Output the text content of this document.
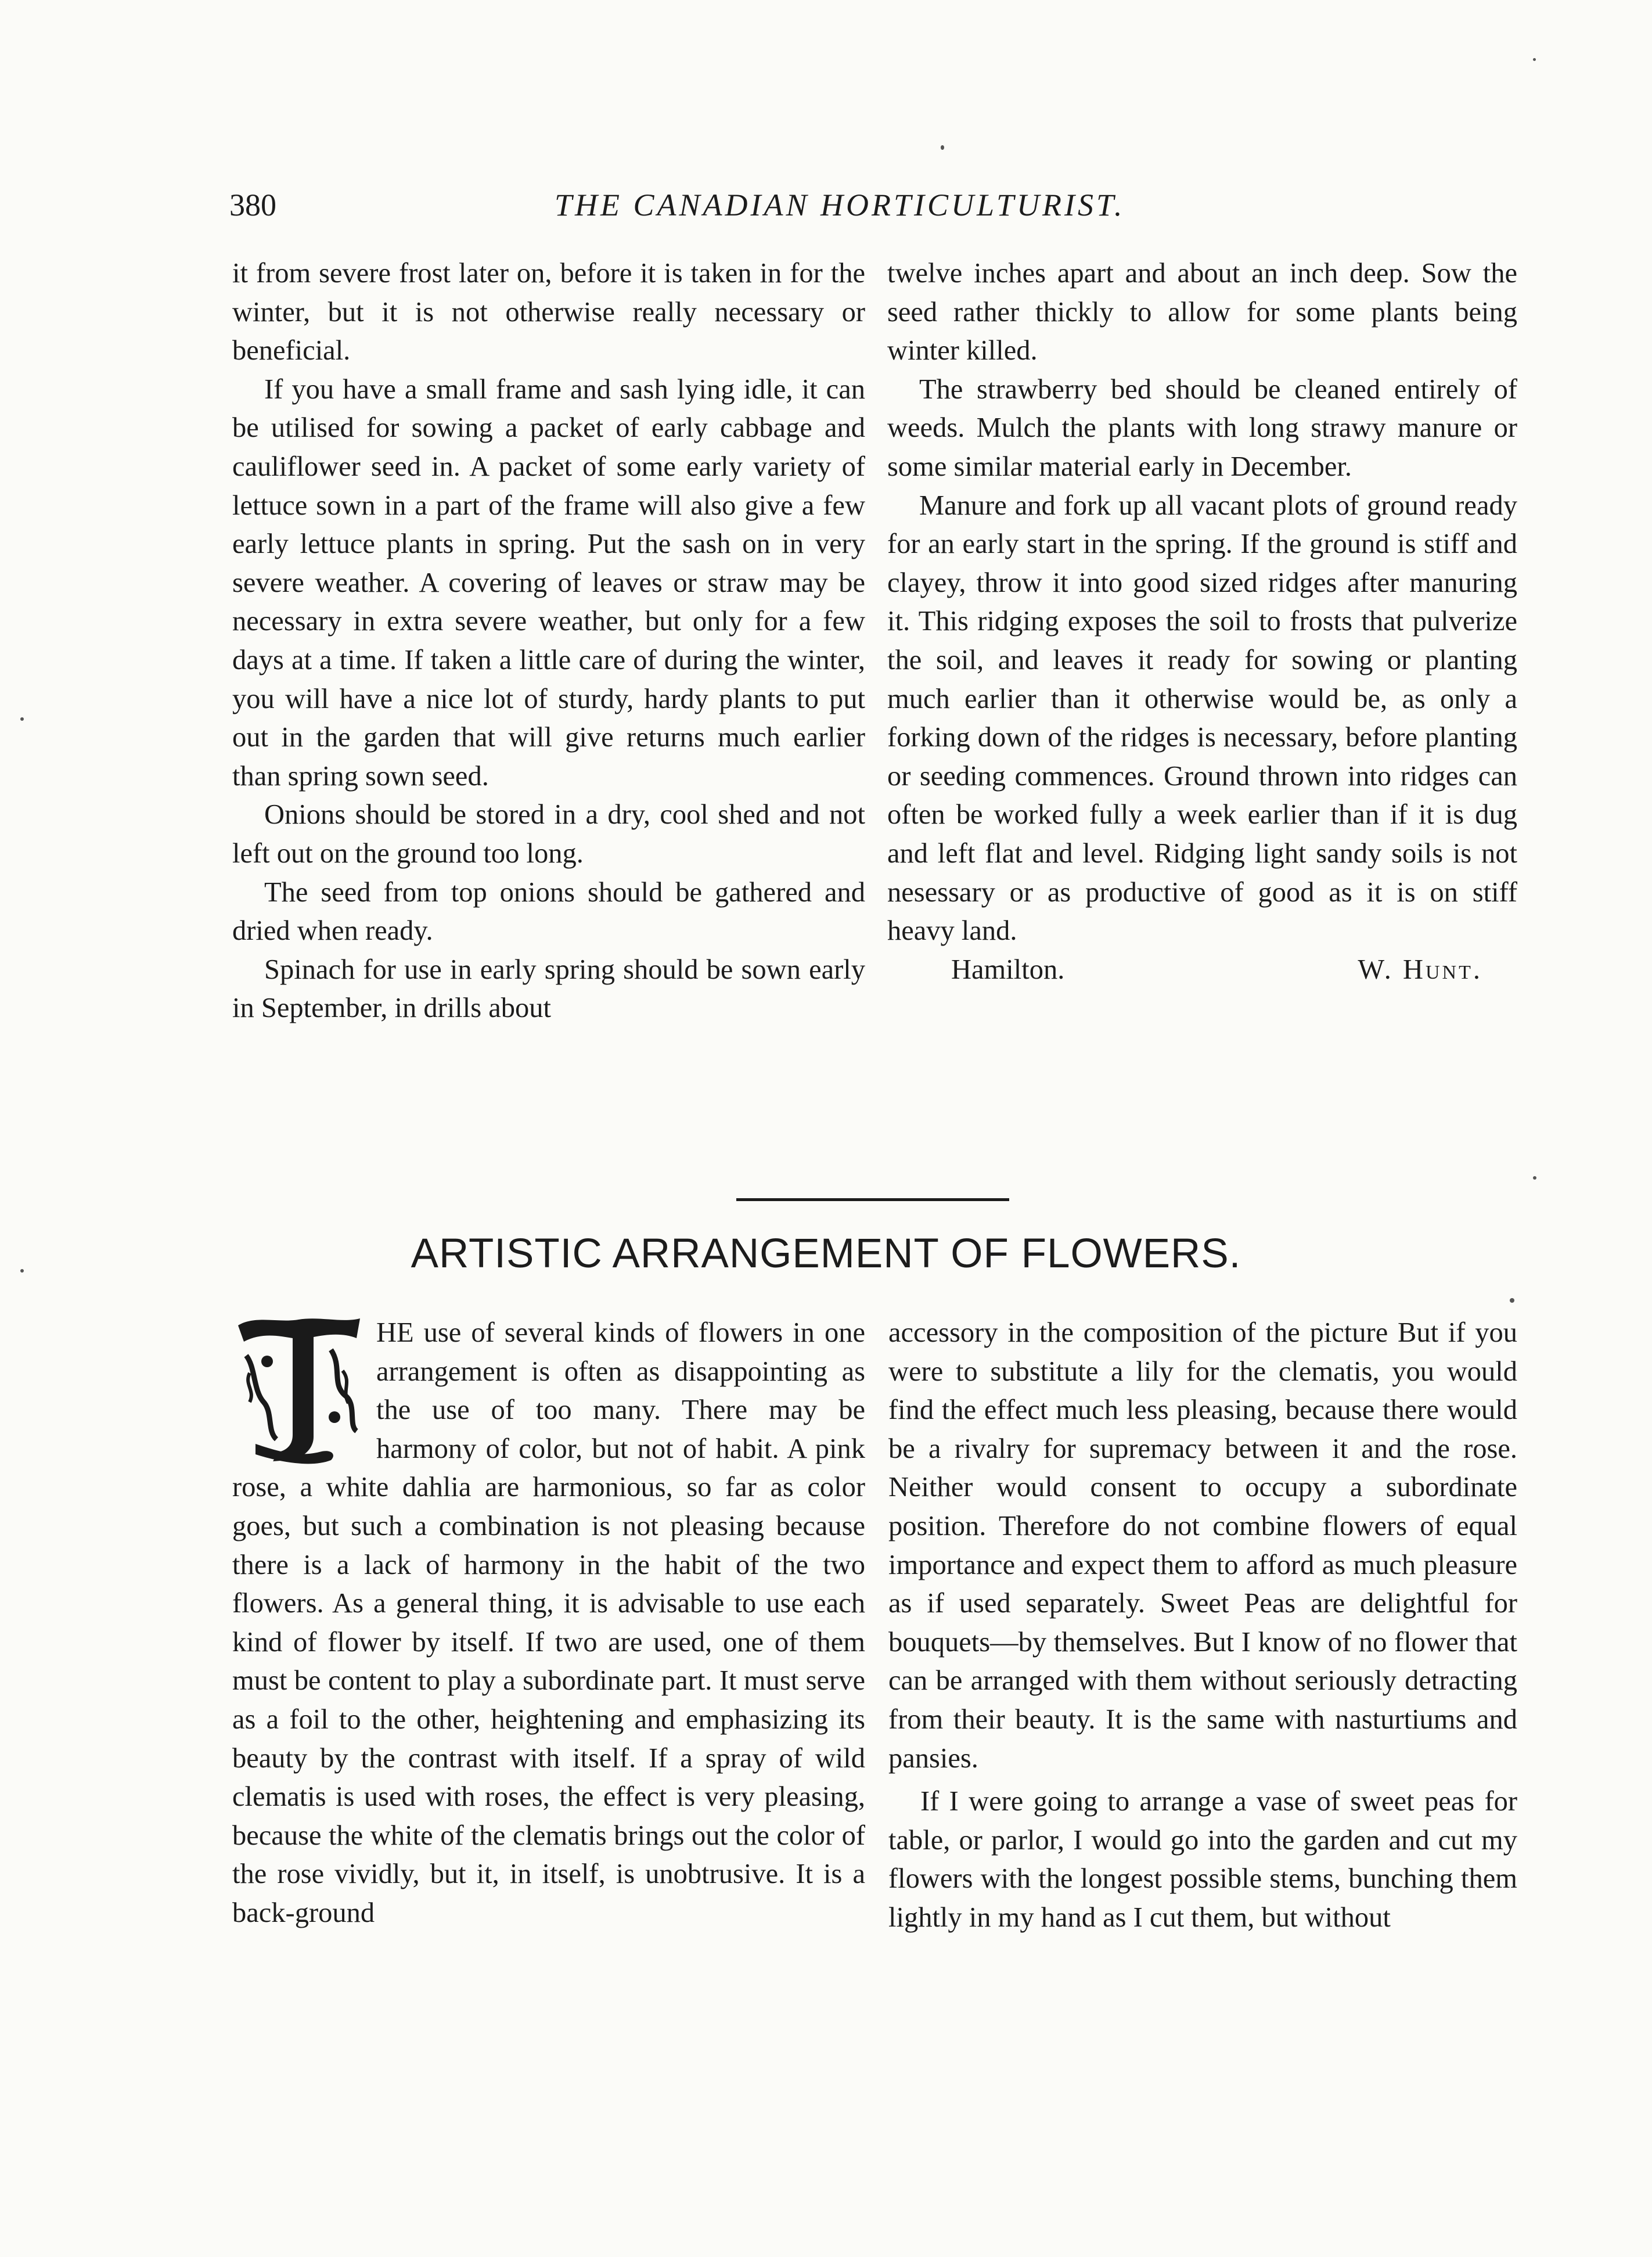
380	THE CANADIAN HORTICULTURIST.

it from severe frost later on, before it is taken in for the winter, but it is not otherwise really necessary or beneficial.

If you have a small frame and sash lying idle, it can be utilised for sowing a packet of early cabbage and cauliflower seed in. A packet of some early variety of lettuce sown in a part of the frame will also give a few early lettuce plants in spring. Put the sash on in very severe weather. A covering of leaves or straw may be necessary in extra severe weather, but only for a few days at a time. If taken a little care of during the winter, you will have a nice lot of sturdy, hardy plants to put out in the garden that will give returns much earlier than spring sown seed.

Onions should be stored in a dry, cool shed and not left out on the ground too long.

The seed from top onions should be gathered and dried when ready.

Spinach for use in early spring should be sown early in September, in drills about

twelve inches apart and about an inch deep. Sow the seed rather thickly to allow for some plants being winter killed.

The strawberry bed should be cleaned entirely of weeds. Mulch the plants with long strawy manure or some similar material early in December.

Manure and fork up all vacant plots of ground ready for an early start in the spring. If the ground is stiff and clayey, throw it into good sized ridges after manuring it. This ridging exposes the soil to frosts that pulverize the soil, and leaves it ready for sowing or planting much earlier than it otherwise would be, as only a forking down of the ridges is necessary, before planting or seeding commences. Ground thrown into ridges can often be worked fully a week earlier than if it is dug and left flat and level. Ridging light sandy soils is not nesessary or as productive of good as it is on stiff heavy land.

Hamilton.	W. Hunt.

ARTISTIC ARRANGEMENT OF FLOWERS.

HE use of several kinds of flowers in one arrangement is often as disappointing as the use of too many. There may be harmony of color, but not of habit. A pink rose, a white dahlia are harmonious, so far as color goes, but such a combination is not pleasing because there is a lack of harmony in the habit of the two flowers. As a general thing, it is advisable to use each kind of flower by itself. If two are used, one of them must be content to play a subordinate part. It must serve as a foil to the other, heightening and emphasizing its beauty by the contrast with itself. If a spray of wild clematis is used with roses, the effect is very pleasing, because the white of the clematis brings out the color of the rose vividly, but it, in itself, is unobtrusive. It is a back-ground

accessory in the composition of the picture But if you were to substitute a lily for the clematis, you would find the effect much less pleasing, because there would be a rivalry for supremacy between it and the rose. Neither would consent to occupy a subordinate position. Therefore do not combine flowers of equal importance and expect them to afford as much pleasure as if used separately. Sweet Peas are delightful for bouquets—by themselves. But I know of no flower that can be arranged with them without seriously detracting from their beauty. It is the same with nasturtiums and pansies.

If I were going to arrange a vase of sweet peas for table, or parlor, I would go into the garden and cut my flowers with the longest possible stems, bunching them lightly in my hand as I cut them, but without
